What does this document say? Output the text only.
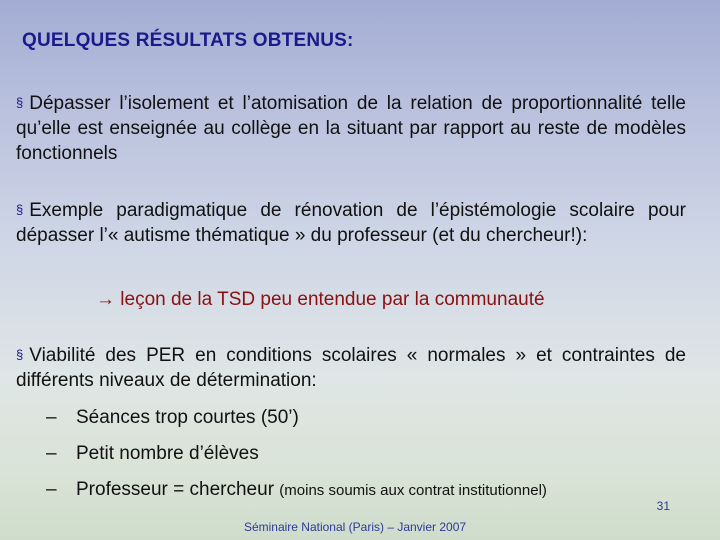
QUELQUES RÉSULTATS OBTENUS:
§ Dépasser l’isolement et l’atomisation de la relation de proportionnalité telle qu’elle est enseignée au collège en la situant par rapport au reste de modèles fonctionnels
§ Exemple paradigmatique de rénovation de l’épistémologie scolaire pour dépasser l’« autisme thématique » du professeur (et du chercheur!):
→ leçon de la TSD peu entendue par la communauté
§ Viabilité des PER en conditions scolaires « normales » et contraintes de différents niveaux de détermination:
– Séances trop courtes (50’)
– Petit nombre d’élèves
– Professeur = chercheur (moins soumis aux contrat institutionnel)
31
Séminaire National (Paris) – Janvier 2007
